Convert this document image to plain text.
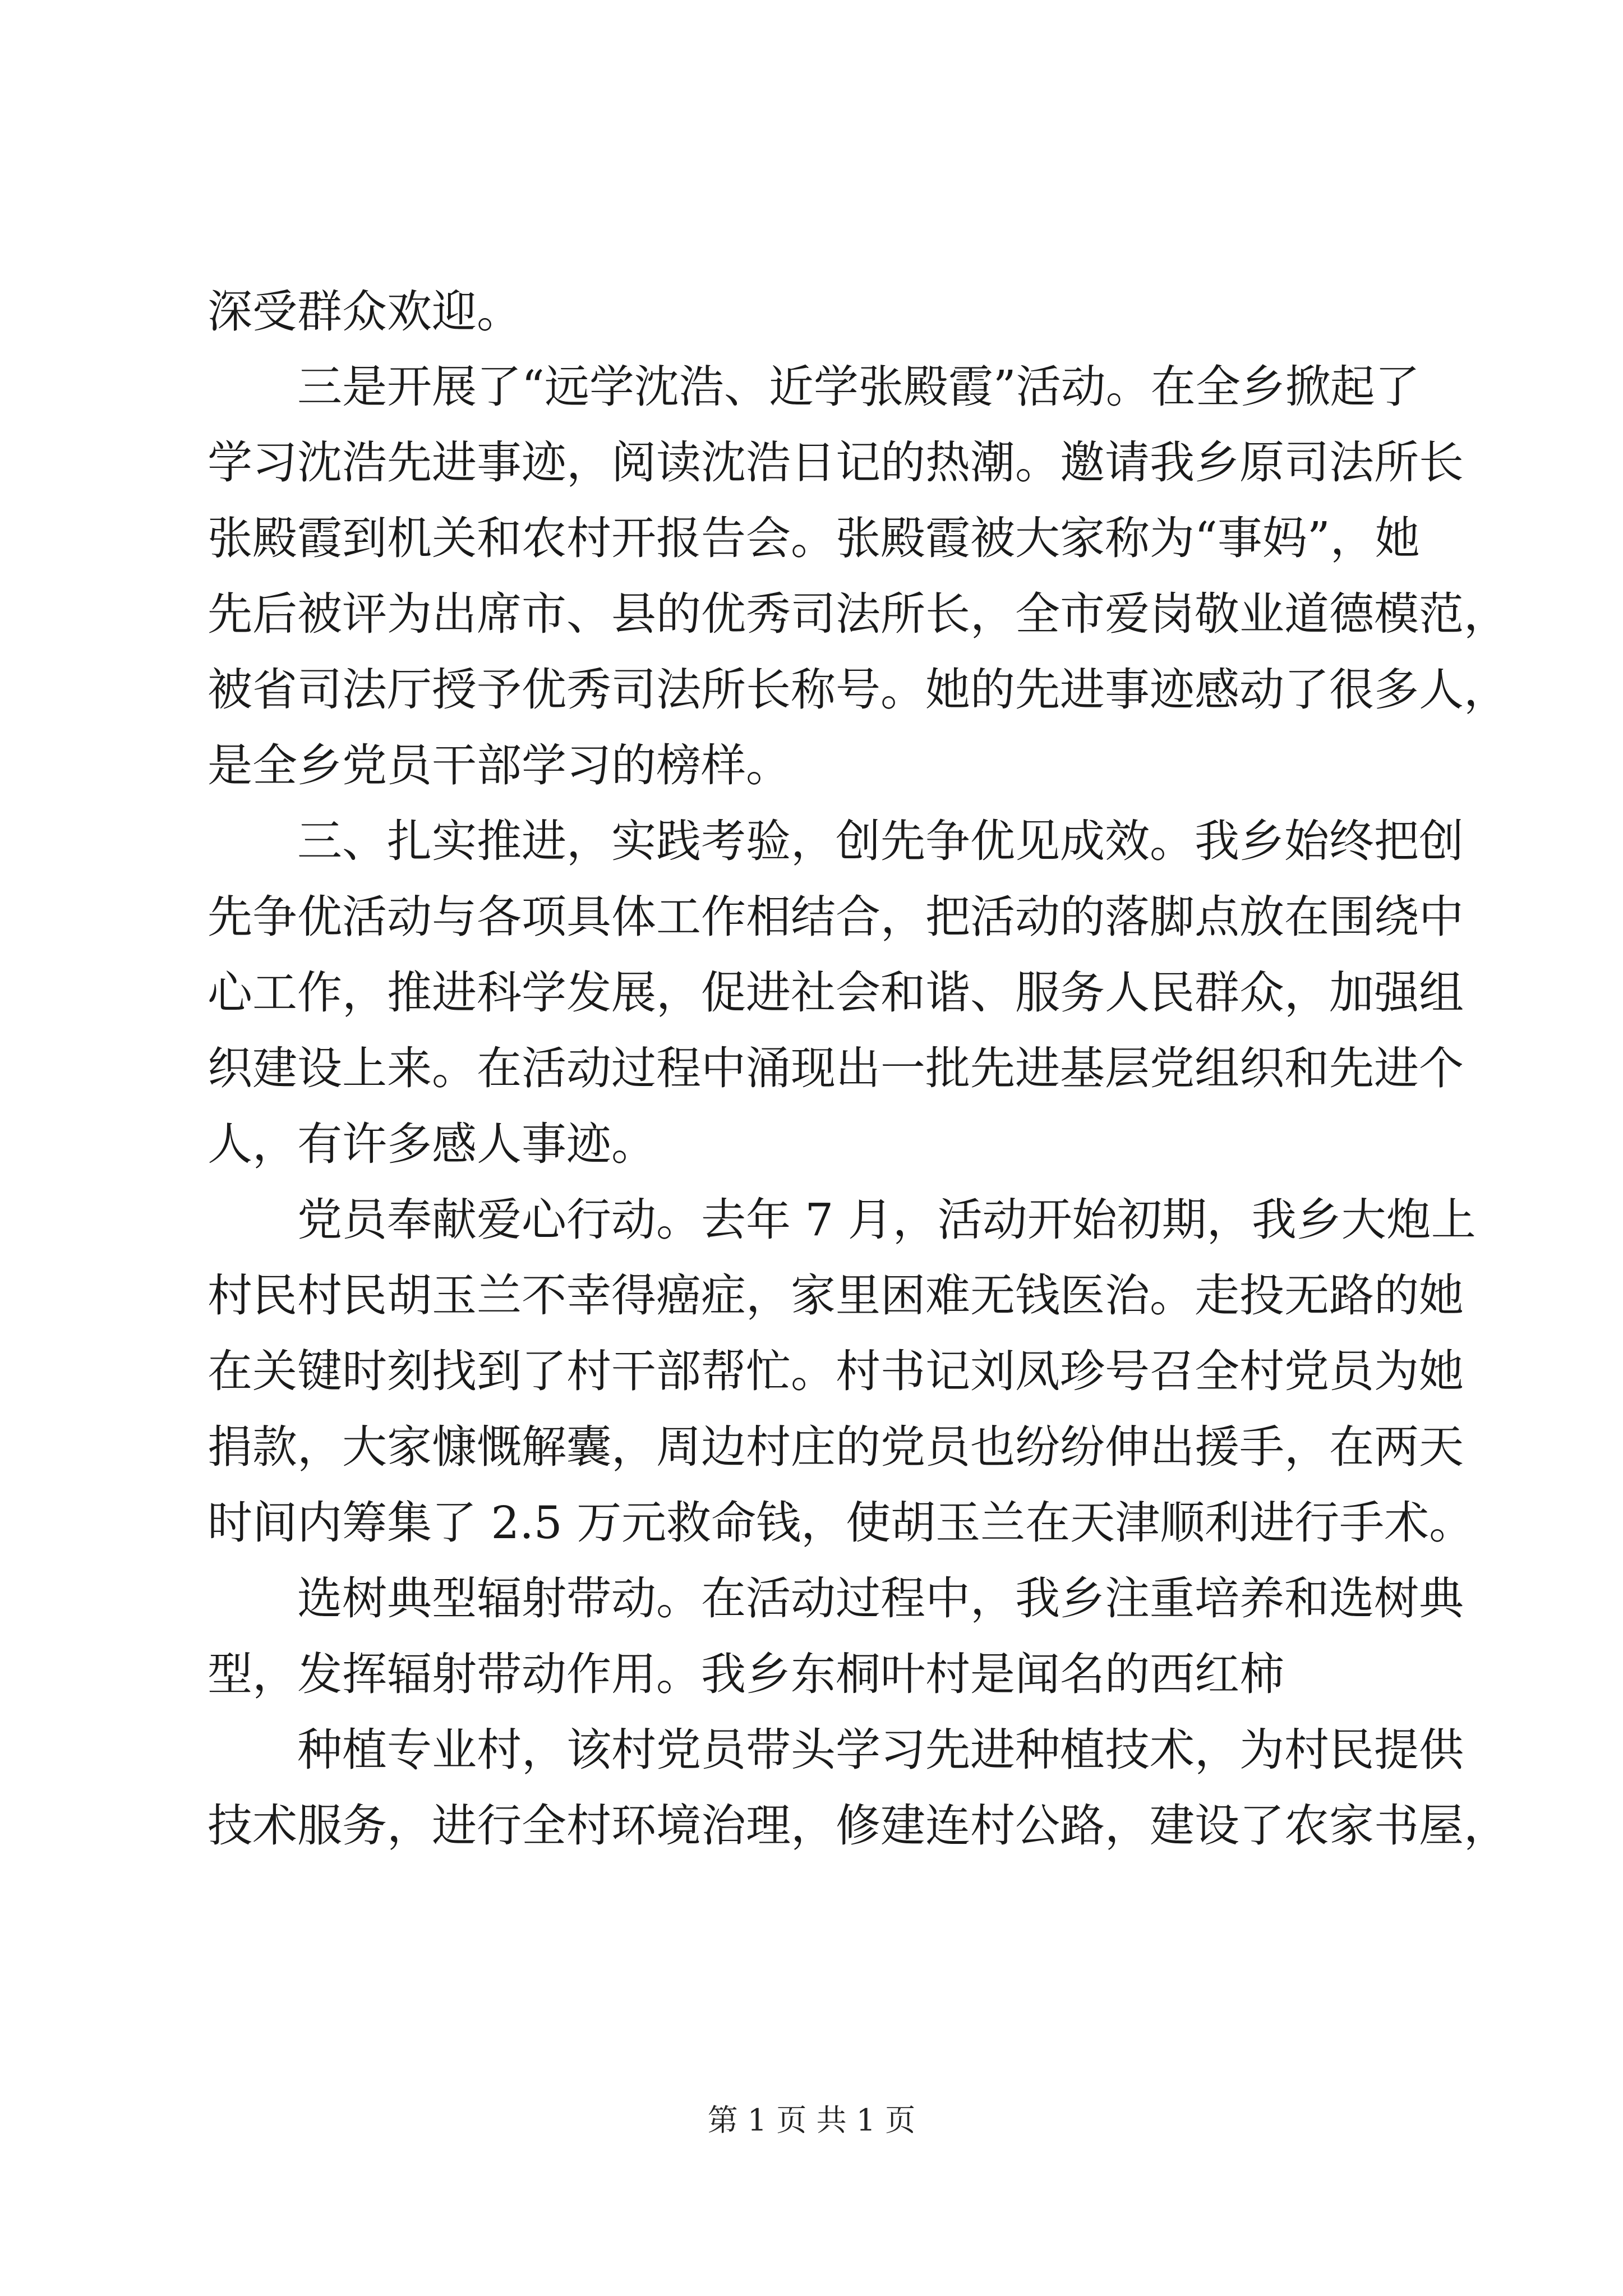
深受群众欢迎。
三是开展了“远学沈浩、近学张殿霞”活动。在全乡掀起了
学习沈浩先进事迹，阅读沈浩日记的热潮。邀请我乡原司法所长
张殿霞到机关和农村开报告会。张殿霞被大家称为“事妈”，她
先后被评为出席市、县的优秀司法所长，全市爱岗敬业道德模范，
被省司法厅授予优秀司法所长称号。她的先进事迹感动了很多人，
是全乡党员干部学习的榜样。
三、扎实推进，实践考验，创先争优见成效。我乡始终把创
先争优活动与各项具体工作相结合，把活动的落脚点放在围绕中
心工作，推进科学发展，促进社会和谐、服务人民群众，加强组
织建设上来。在活动过程中涌现出一批先进基层党组织和先进个
人，有许多感人事迹。
党员奉献爱心行动。去年 7 月，活动开始初期，我乡大炮上
村民村民胡玉兰不幸得癌症，家里困难无钱医治。走投无路的她
在关键时刻找到了村干部帮忙。村书记刘凤珍号召全村党员为她
捐款，大家慷慨解囊，周边村庄的党员也纷纷伸出援手，在两天
时间内筹集了 2.5 万元救命钱，使胡玉兰在天津顺利进行手术。
选树典型辐射带动。在活动过程中，我乡注重培养和选树典
型，发挥辐射带动作用。我乡东桐叶村是闻名的西红柿
种植专业村，该村党员带头学习先进种植技术，为村民提供
技术服务，进行全村环境治理，修建连村公路，建设了农家书屋，
第 1 页 共 1 页
